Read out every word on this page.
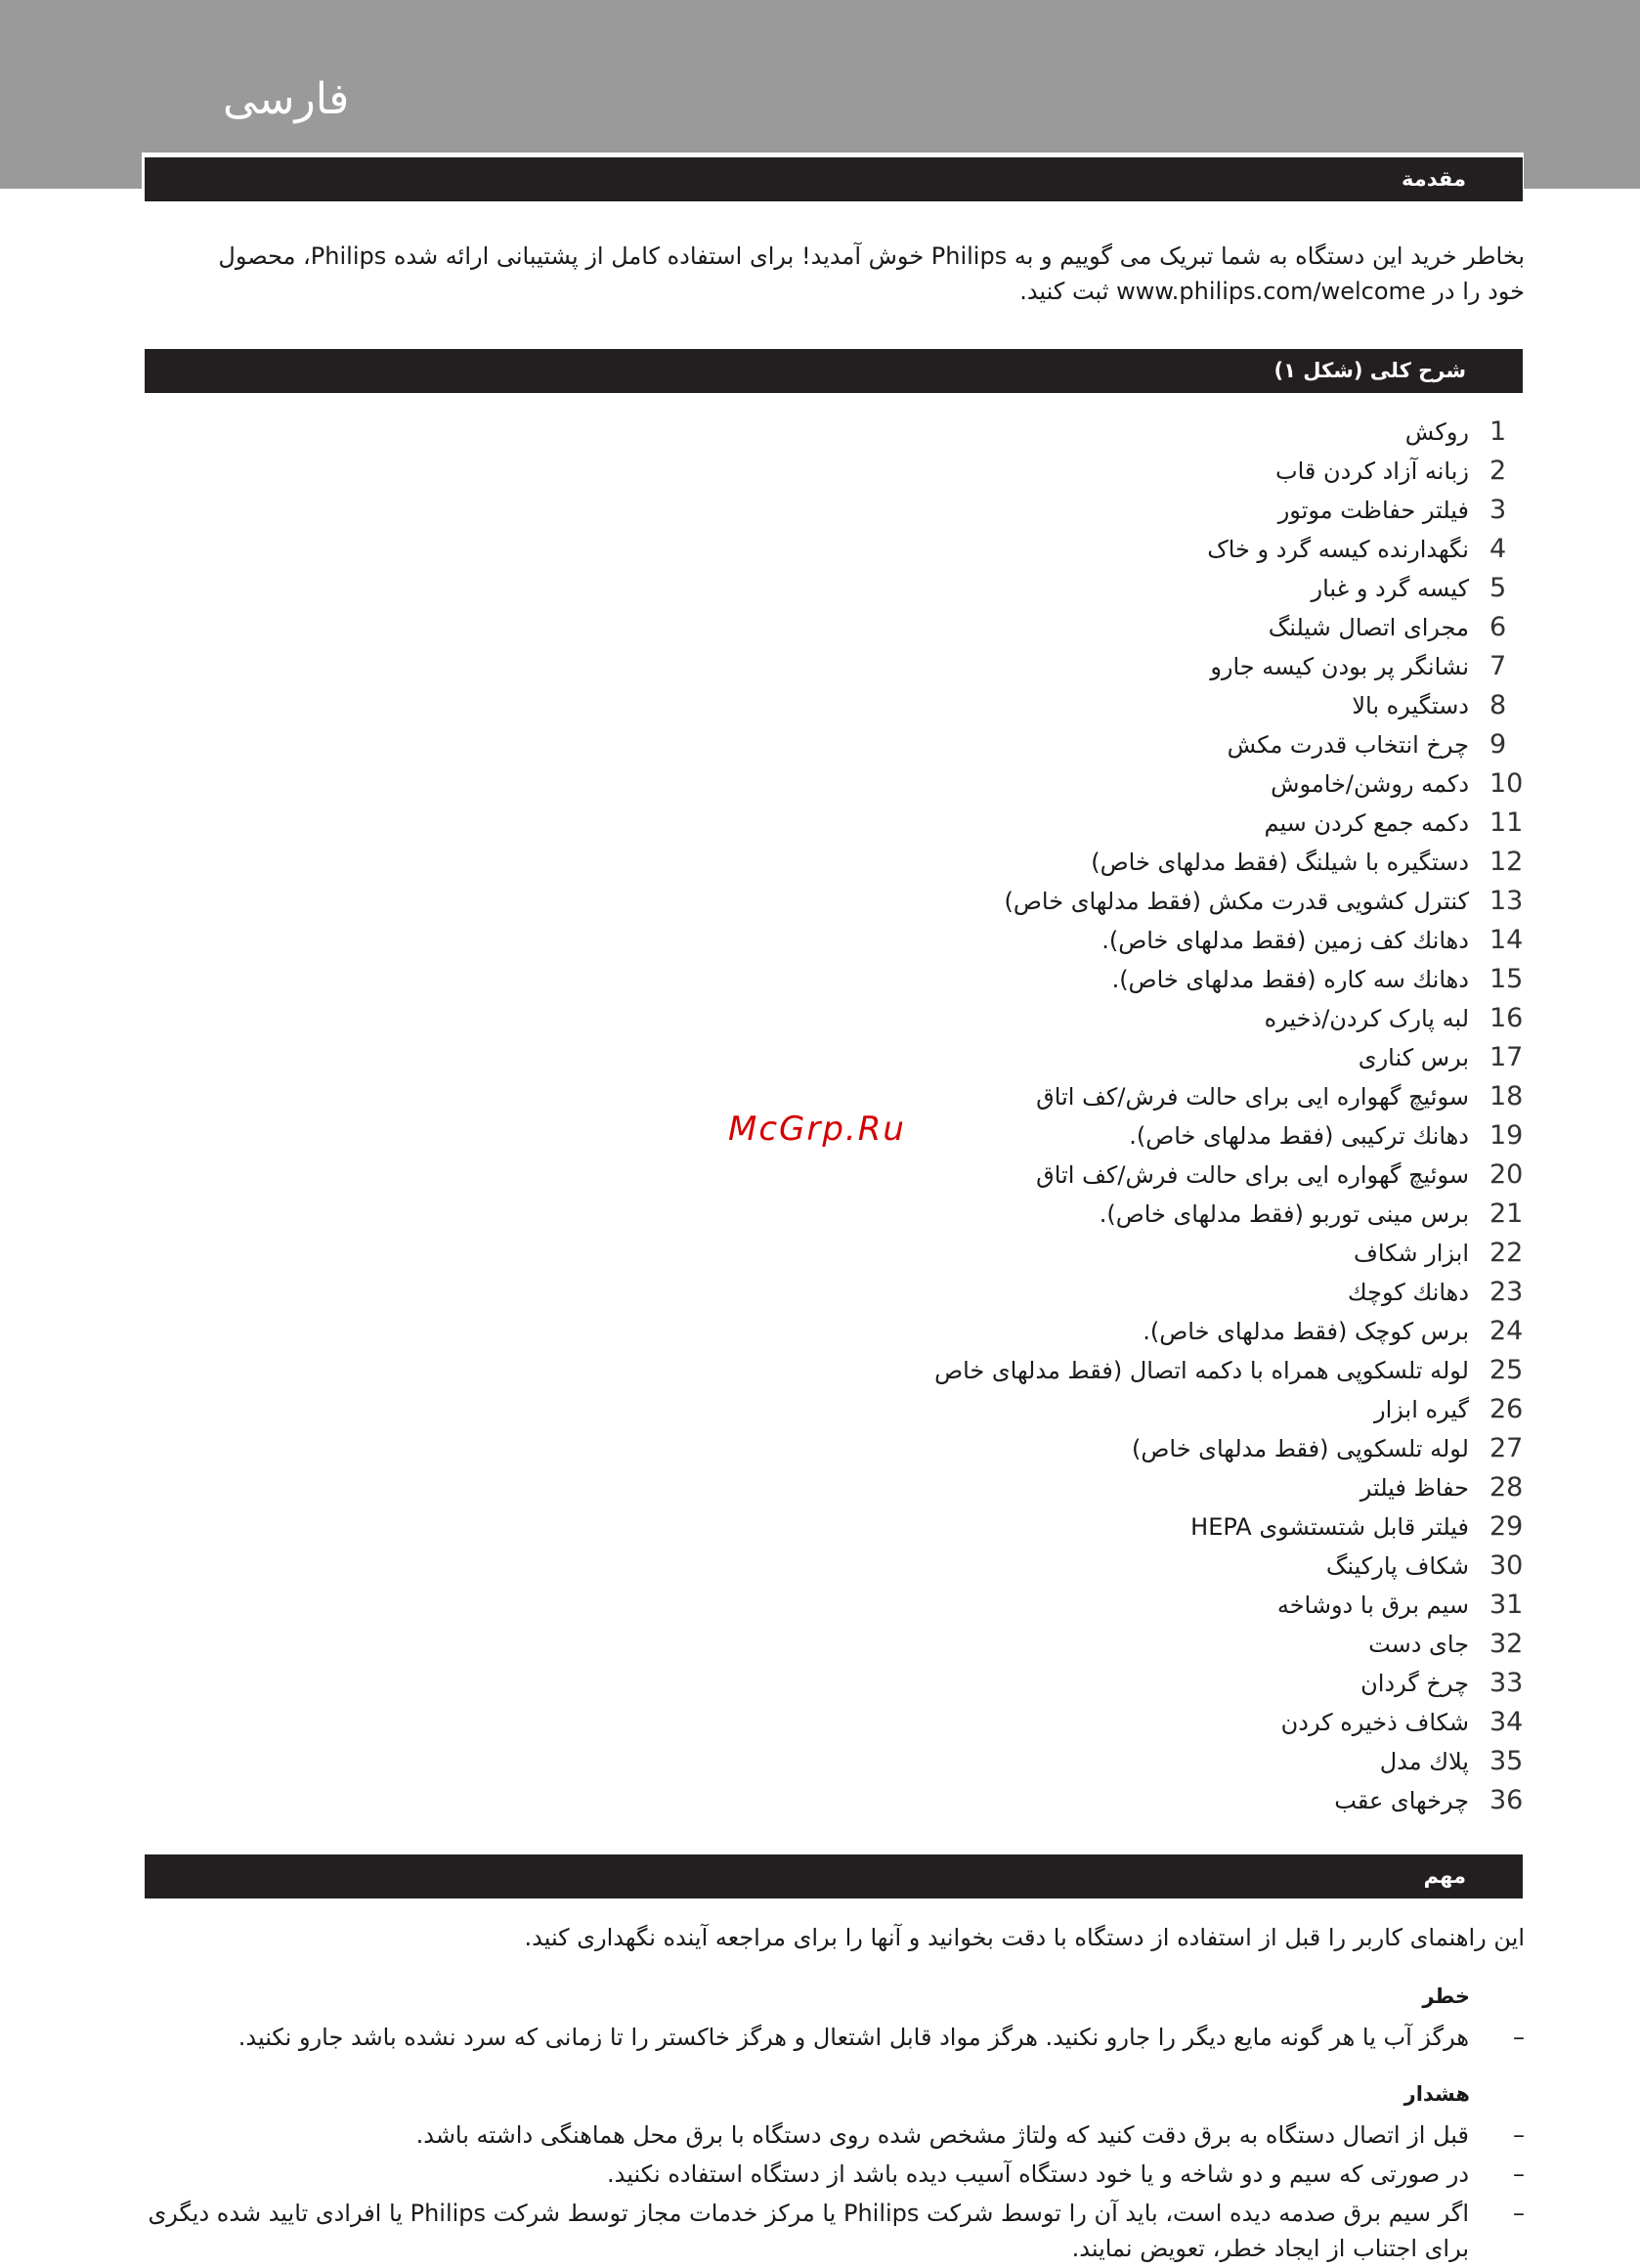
فارسی
مقدمة
بخاطر خرید این دستگاه به شما تبریک می گوییم و به Philips خوش آمدید! برای استفاده کامل از پشتیبانی ارائه شده Philips، محصول
خود را در www.philips.com/welcome ثبت کنید.
شرح کلی (شکل ۱)
1
روکش
2
زبانه آزاد کردن قاب
3
فیلتر حفاظت موتور
4
نگهدارنده کیسه گرد و خاک
5
کیسه گرد و غبار
6
مجرای اتصال شیلنگ
7
نشانگر پر بودن کیسه جارو
8
دستگیره بالا
9
چرخ انتخاب قدرت مکش
10
دکمه روشن/خاموش
11
دکمه جمع کردن سیم
12
دستگیره با شیلنگ (فقط مدلهای خاص)
13
کنترل کشویی قدرت مکش (فقط مدلهای خاص)
14
دهانك كف زمين (فقط مدلهای خاص).
15
دهانك سه كاره (فقط مدلهای خاص).
16
لبه پارک کردن/ذخیره
17
برس کناری
18
سوئیچ گهواره ایی برای حالت فرش/کف اتاق
19
دهانك تركيبی (فقط مدلهای خاص).
20
سوئیچ گهواره ایی برای حالت فرش/کف اتاق
21
برس مینی توربو (فقط مدلهای خاص).
22
ابزار شکاف
23
دهانك كوچك
24
برس کوچک (فقط مدلهای خاص).
25
لوله تلسکوپی همراه با دکمه اتصال (فقط مدلهای خاص
26
گیره ابزار
27
لوله تلسکوپی (فقط مدلهای خاص)
28
حفاظ فیلتر
29
فیلتر قابل شتستشوی HEPA
30
شکاف پارکینگ
31
سیم برق با دوشاخه
32
جای دست
33
چرخ گردان
34
شکاف ذخیره کردن
35
پلاك مدل
36
چرخهای عقب
مهم
این راهنمای کاربر را قبل از استفاده از دستگاه با دقت بخوانید و آنها را برای مراجعه آینده نگهداری کنید.
خطر
–
هرگز آب یا هر گونه مایع دیگر را جارو نکنید. هرگز مواد قابل اشتعال و هرگز خاکستر را تا زمانی که سرد نشده باشد جارو نکنید.
هشدار
–
قبل از اتصال دستگاه به برق دقت کنید که ولتاژ مشخص شده روی دستگاه با برق محل هماهنگی داشته باشد.
–
در صورتی که سیم و دو شاخه و یا خود دستگاه آسیب دیده باشد از دستگاه استفاده نکنید.
–
اگر سیم برق صدمه دیده است، باید آن را توسط شرکت Philips یا مرکز خدمات مجاز توسط شرکت Philips یا افرادی تایید شده دیگری
برای اجتناب از ایجاد خطر، تعویض نمایند.
McGrp.Ru
